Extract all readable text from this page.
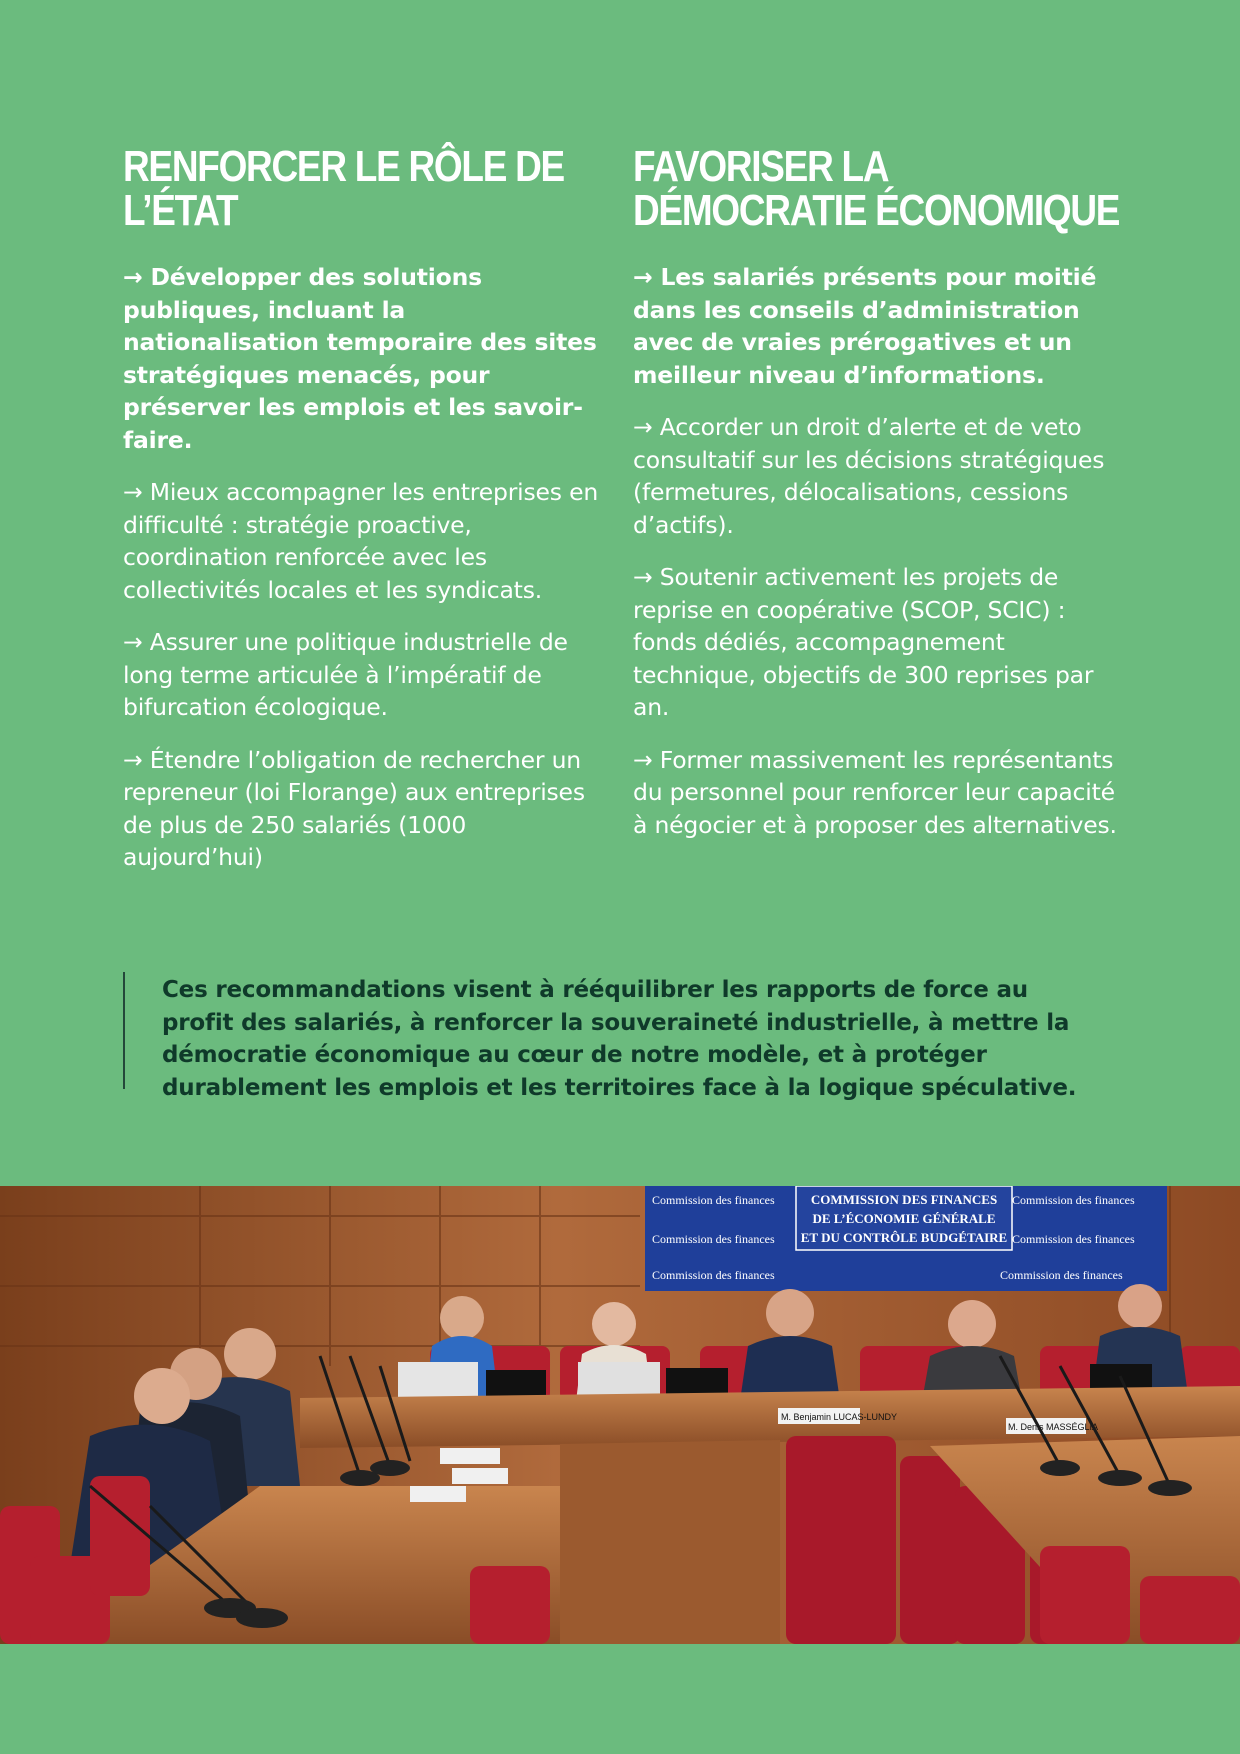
RENFORCER LE RÔLE DE L’ÉTAT

→ Développer des solutions publiques, incluant la nationalisation temporaire des sites stratégiques menacés, pour préserver les emplois et les savoir-faire.

→ Mieux accompagner les entreprises en difficulté : stratégie proactive, coordination renforcée avec les collectivités locales et les syndicats.

→ Assurer une politique industrielle de long terme articulée à l’impératif de bifurcation écologique.

→ Étendre l’obligation de rechercher un repreneur (loi Florange) aux entreprises de plus de 250 salariés (1000 aujourd’hui)

FAVORISER LA DÉMOCRATIE ÉCONOMIQUE

→ Les salariés présents pour moitié dans les conseils d’administration avec de vraies prérogatives et un meilleur niveau d’informations.

→ Accorder un droit d’alerte et de veto consultatif sur les décisions stratégiques (fermetures, délocalisations, cessions d’actifs).

→ Soutenir activement les projets de reprise en coopérative (SCOP, SCIC) : fonds dédiés, accompagnement technique, objectifs de 300 reprises par an.

→ Former massivement les représentants du personnel pour renforcer leur capacité à négocier et à proposer des alternatives.

Ces recommandations visent à rééquilibrer les rapports de force au profit des salariés, à renforcer la souveraineté industrielle, à mettre la démocratie économique au cœur de notre modèle, et à protéger durablement les emplois et les territoires face à la logique spéculative.

Commission des finances
Commission des finances
Commission des finances
Commission des finances
Commission des finances
Commission des finances
COMMISSION DES FINANCES
DE L’ÉCONOMIE GÉNÉRALE
ET DU CONTRÔLE BUDGÉTAIRE
M. Benjamin LUCAS-LUNDY
M. Denis MASSÉGLIA
